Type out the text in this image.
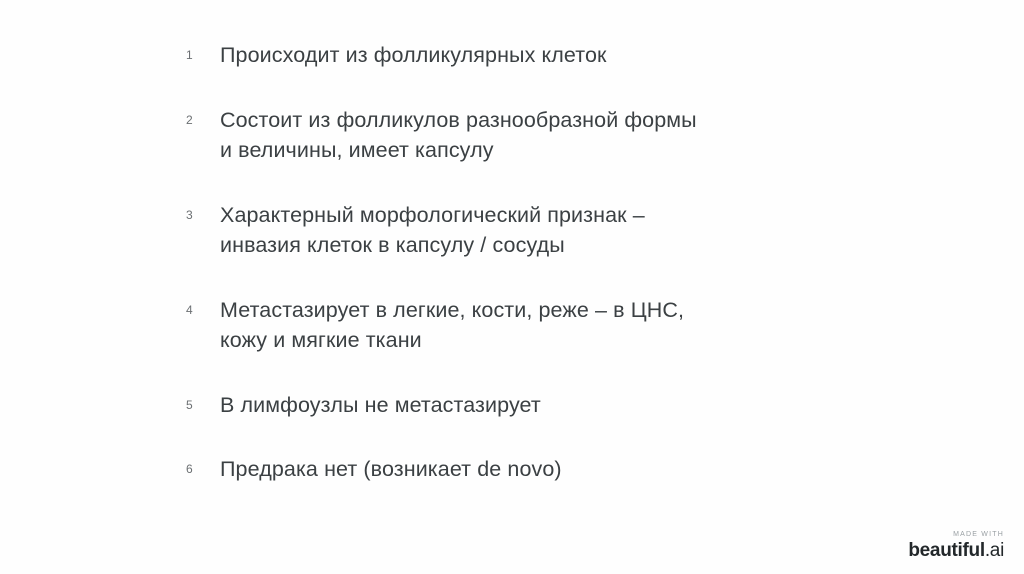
1	Происходит из фолликулярных клеток
2	Состоит из фолликулов разнообразной формы
и величины, имеет капсулу
3	Характерный морфологический признак –
инвазия клеток в капсулу / сосуды
4	Метастазирует в легкие, кости, реже – в ЦНС,
кожу и мягкие ткани
5	В лимфоузлы не метастазирует
6	Предрака нет (возникает de novo)
MADE WITH
beautiful.ai
